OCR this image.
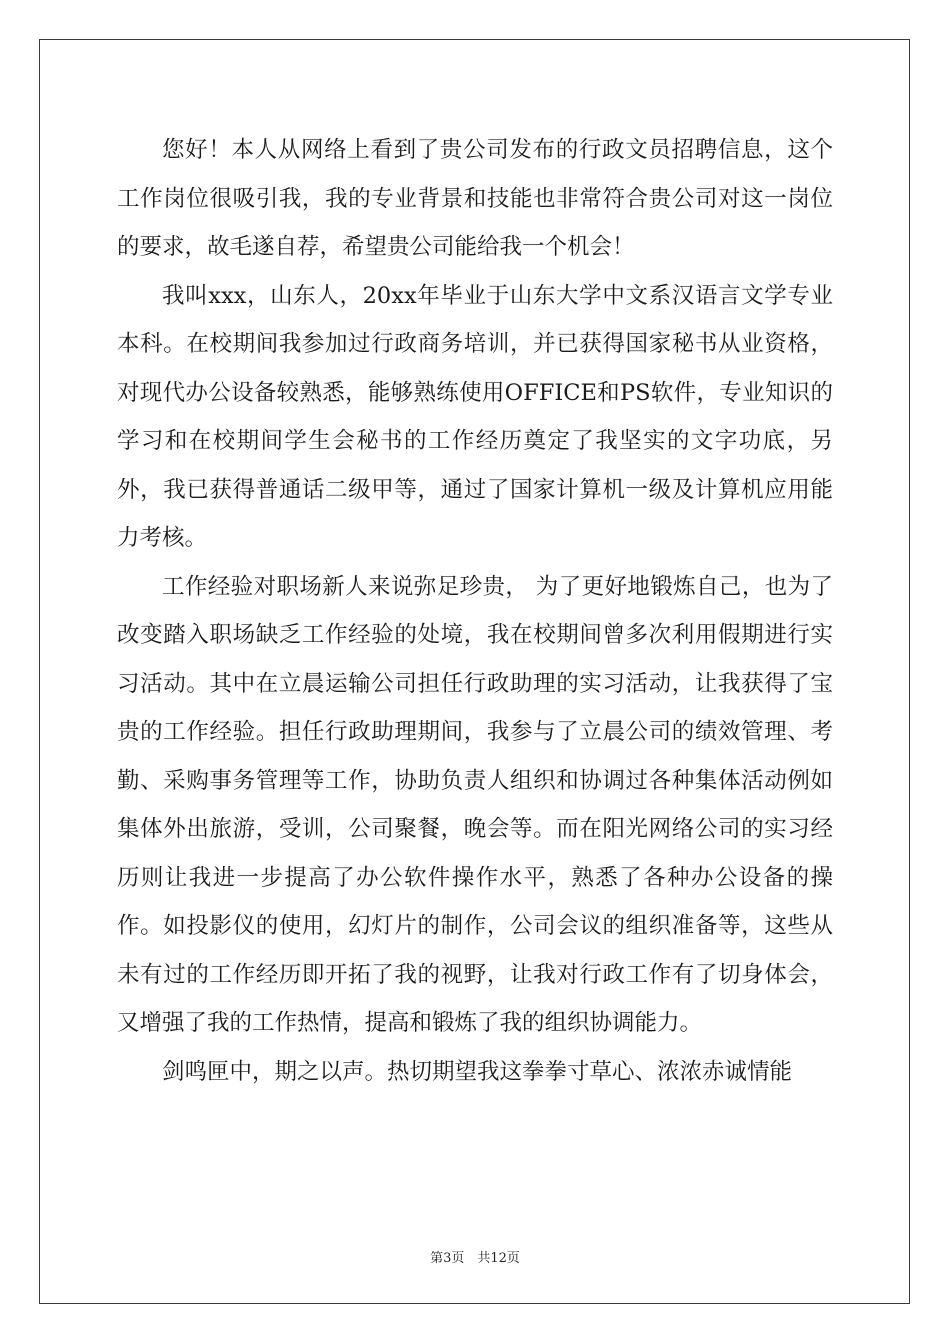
您好！本人从网络上看到了贵公司发布的行政文员招聘信息，这个工作岗位很吸引我，我的专业背景和技能也非常符合贵公司对这一岗位的要求，故毛遂自荐，希望贵公司能给我一个机会！

我叫xxx，山东人，20xx年毕业于山东大学中文系汉语言文学专业本科。在校期间我参加过行政商务培训，并已获得国家秘书从业资格，对现代办公设备较熟悉，能够熟练使用OFFICE和PS软件，专业知识的学习和在校期间学生会秘书的工作经历奠定了我坚实的文字功底，另外，我已获得普通话二级甲等，通过了国家计算机一级及计算机应用能力考核。

工作经验对职场新人来说弥足珍贵， 为了更好地锻炼自己，也为了改变踏入职场缺乏工作经验的处境，我在校期间曾多次利用假期进行实习活动。其中在立晨运输公司担任行政助理的实习活动，让我获得了宝贵的工作经验。担任行政助理期间，我参与了立晨公司的绩效管理、考勤、采购事务管理等工作，协助负责人组织和协调过各种集体活动例如集体外出旅游，受训，公司聚餐，晚会等。而在阳光网络公司的实习经历则让我进一步提高了办公软件操作水平，熟悉了各种办公设备的操作。如投影仪的使用，幻灯片的制作，公司会议的组织准备等，这些从未有过的工作经历即开拓了我的视野，让我对行政工作有了切身体会，又增强了我的工作热情，提高和锻炼了我的组织协调能力。

剑鸣匣中，期之以声。热切期望我这拳拳寸草心、浓浓赤诚情能

第3页　共12页
